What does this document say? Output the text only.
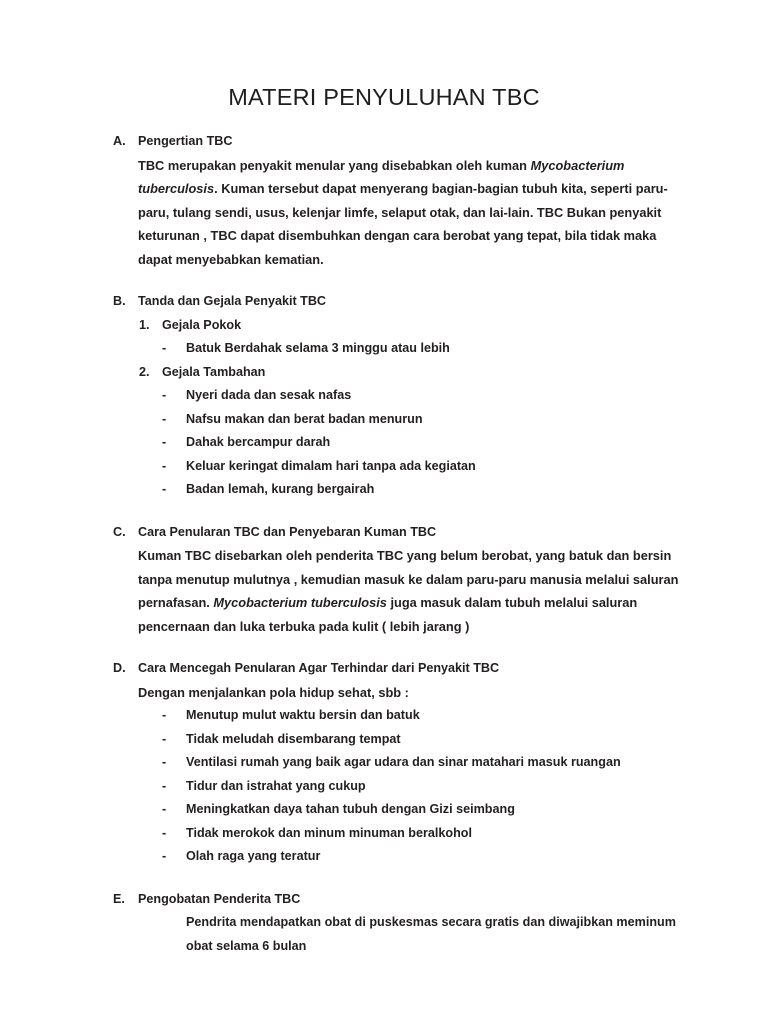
MATERI PENYULUHAN TBC
A. Pengertian TBC
TBC merupakan penyakit menular yang disebabkan oleh kuman Mycobacterium tuberculosis. Kuman tersebut dapat menyerang bagian-bagian tubuh kita, seperti paru-paru, tulang sendi, usus, kelenjar limfe, selaput otak, dan lai-lain. TBC Bukan penyakit keturunan , TBC dapat disembuhkan dengan cara berobat yang tepat, bila tidak maka dapat menyebabkan kematian.
B. Tanda dan Gejala Penyakit TBC
1. Gejala Pokok
- Batuk Berdahak selama 3 minggu atau lebih
2. Gejala Tambahan
- Nyeri dada dan sesak nafas
- Nafsu makan dan berat badan menurun
- Dahak bercampur darah
- Keluar keringat dimalam hari tanpa ada kegiatan
- Badan lemah, kurang bergairah
C. Cara Penularan TBC dan Penyebaran Kuman TBC
Kuman TBC disebarkan oleh penderita TBC yang belum berobat, yang batuk dan bersin tanpa menutup mulutnya , kemudian masuk ke dalam paru-paru manusia melalui saluran pernafasan. Mycobacterium tuberculosis juga masuk dalam tubuh melalui saluran pencernaan dan luka terbuka pada kulit ( lebih jarang )
D. Cara Mencegah Penularan Agar Terhindar dari Penyakit TBC
Dengan menjalankan pola hidup sehat, sbb :
- Menutup mulut waktu bersin dan batuk
- Tidak meludah disembarang tempat
- Ventilasi rumah yang baik agar udara dan sinar matahari masuk ruangan
- Tidur dan istrahat yang cukup
- Meningkatkan daya tahan tubuh dengan Gizi seimbang
- Tidak merokok dan minum minuman beralkohol
- Olah raga yang teratur
E. Pengobatan Penderita TBC
Pendrita mendapatkan obat di puskesmas secara gratis dan diwajibkan meminum obat selama 6 bulan
